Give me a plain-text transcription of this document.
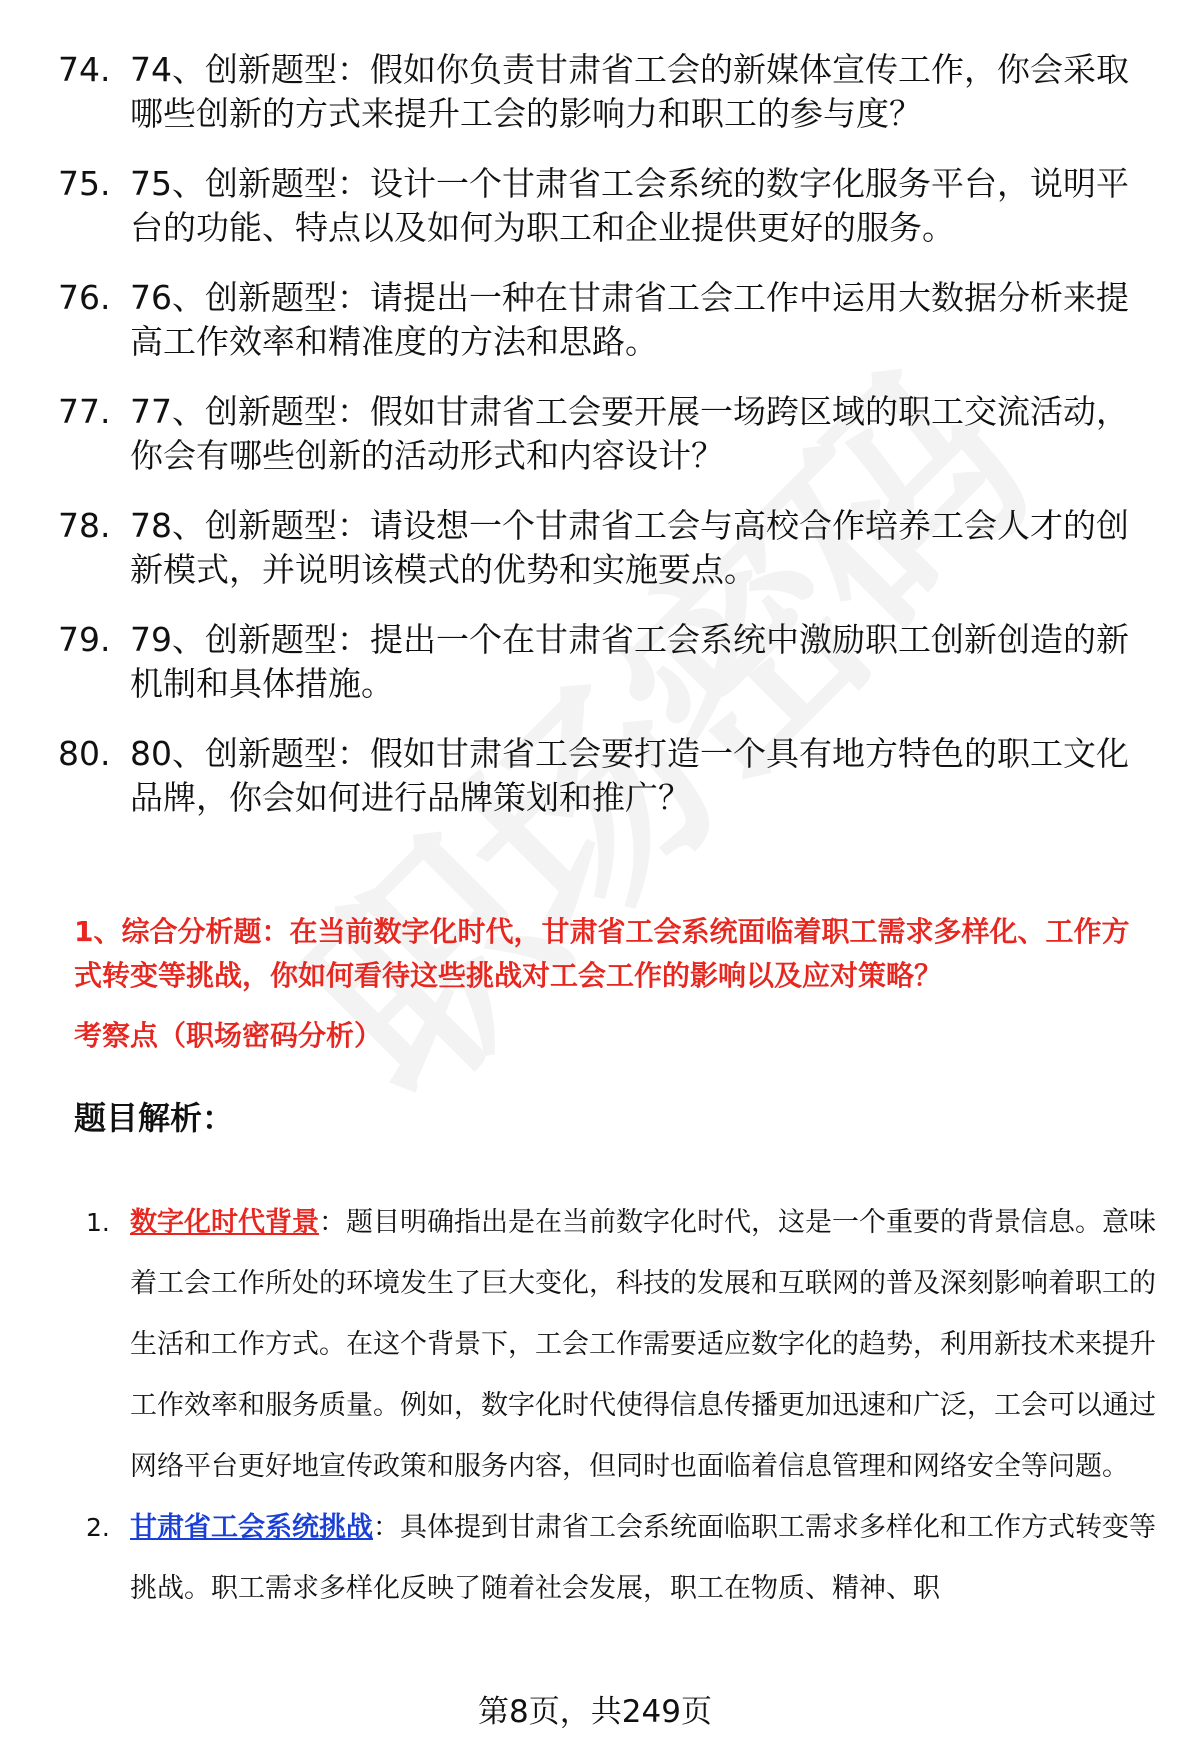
74. 74、创新题型：假如你负责甘肃省工会的新媒体宣传工作，你会采取哪些创新的方式来提升工会的影响力和职工的参与度？
75. 75、创新题型：设计一个甘肃省工会系统的数字化服务平台，说明平台的功能、特点以及如何为职工和企业提供更好的服务。
76. 76、创新题型：请提出一种在甘肃省工会工作中运用大数据分析来提高工作效率和精准度的方法和思路。
77. 77、创新题型：假如甘肃省工会要开展一场跨区域的职工交流活动，你会有哪些创新的活动形式和内容设计？
78. 78、创新题型：请设想一个甘肃省工会与高校合作培养工会人才的创新模式，并说明该模式的优势和实施要点。
79. 79、创新题型：提出一个在甘肃省工会系统中激励职工创新创造的新机制和具体措施。
80. 80、创新题型：假如甘肃省工会要打造一个具有地方特色的职工文化品牌，你会如何进行品牌策划和推广？
1、综合分析题：在当前数字化时代，甘肃省工会系统面临着职工需求多样化、工作方式转变等挑战，你如何看待这些挑战对工会工作的影响以及应对策略？
考察点（职场密码分析）
题目解析：
1. 数字化时代背景：题目明确指出是在当前数字化时代，这是一个重要的背景信息。意味着工会工作所处的环境发生了巨大变化，科技的发展和互联网的普及深刻影响着职工的生活和工作方式。在这个背景下，工会工作需要适应数字化的趋势，利用新技术来提升工作效率和服务质量。例如，数字化时代使得信息传播更加迅速和广泛，工会可以通过网络平台更好地宣传政策和服务内容，但同时也面临着信息管理和网络安全等问题。
2. 甘肃省工会系统挑战：具体提到甘肃省工会系统面临职工需求多样化和工作方式转变等挑战。职工需求多样化反映了随着社会发展，职工在物质、精神、职
第8页，共249页
